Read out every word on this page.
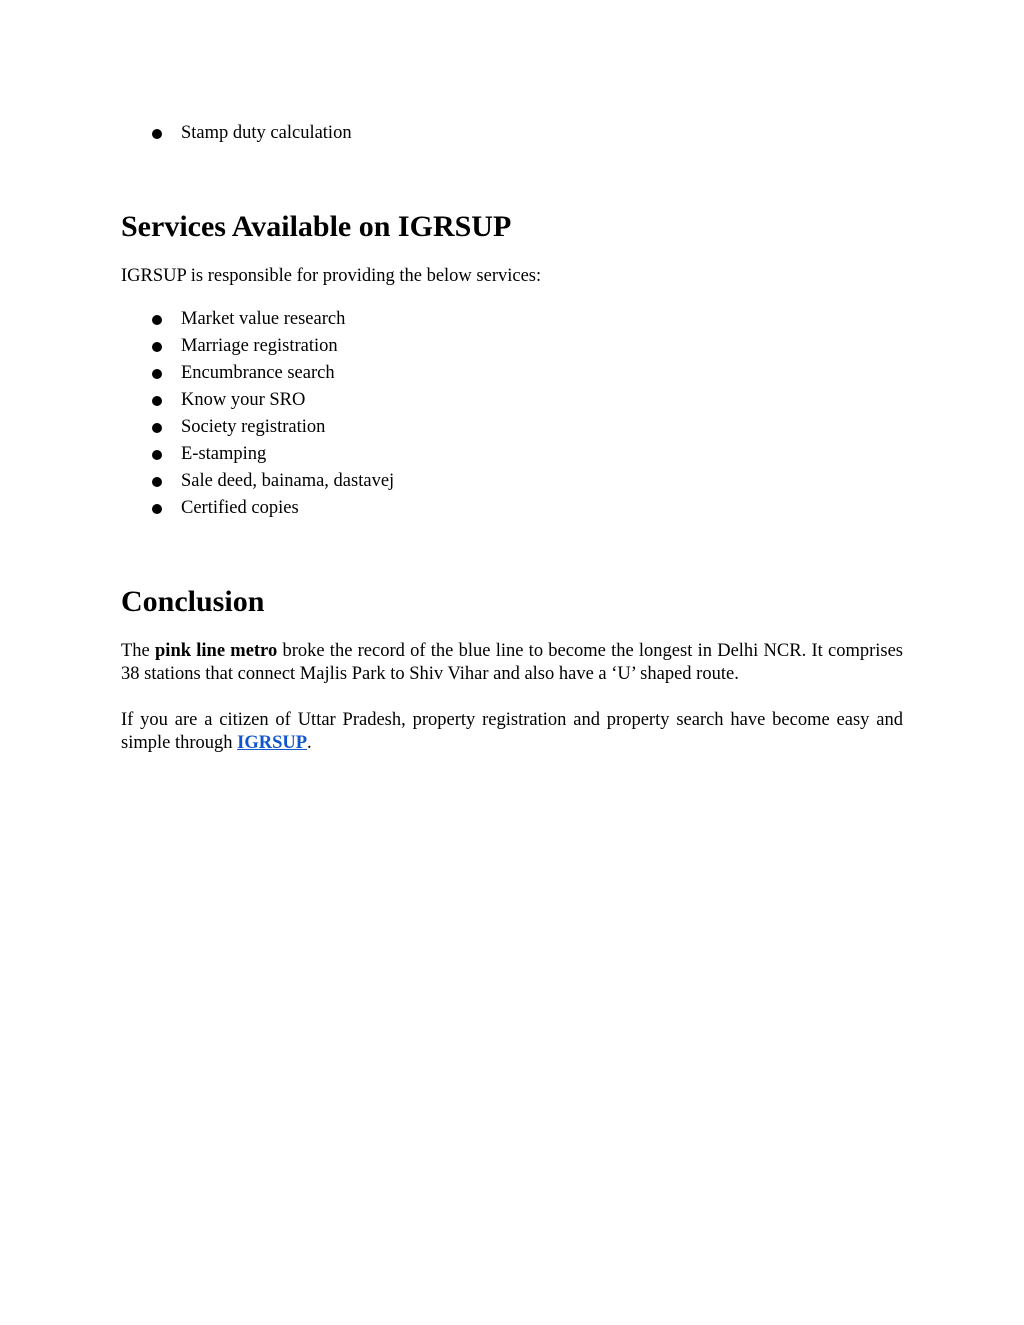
Stamp duty calculation
Services Available on IGRSUP

IGRSUP is responsible for providing the below services:

Market value research
Marriage registration
Encumbrance search
Know your SRO
Society registration
E-stamping
Sale deed, bainama, dastavej
Certified copies
Conclusion

The pink line metro broke the record of the blue line to become the longest in Delhi NCR. It comprises 38 stations that connect Majlis Park to Shiv Vihar and also have a ‘U’ shaped route.

If you are a citizen of Uttar Pradesh, property registration and property search have become easy and simple through IGRSUP.
